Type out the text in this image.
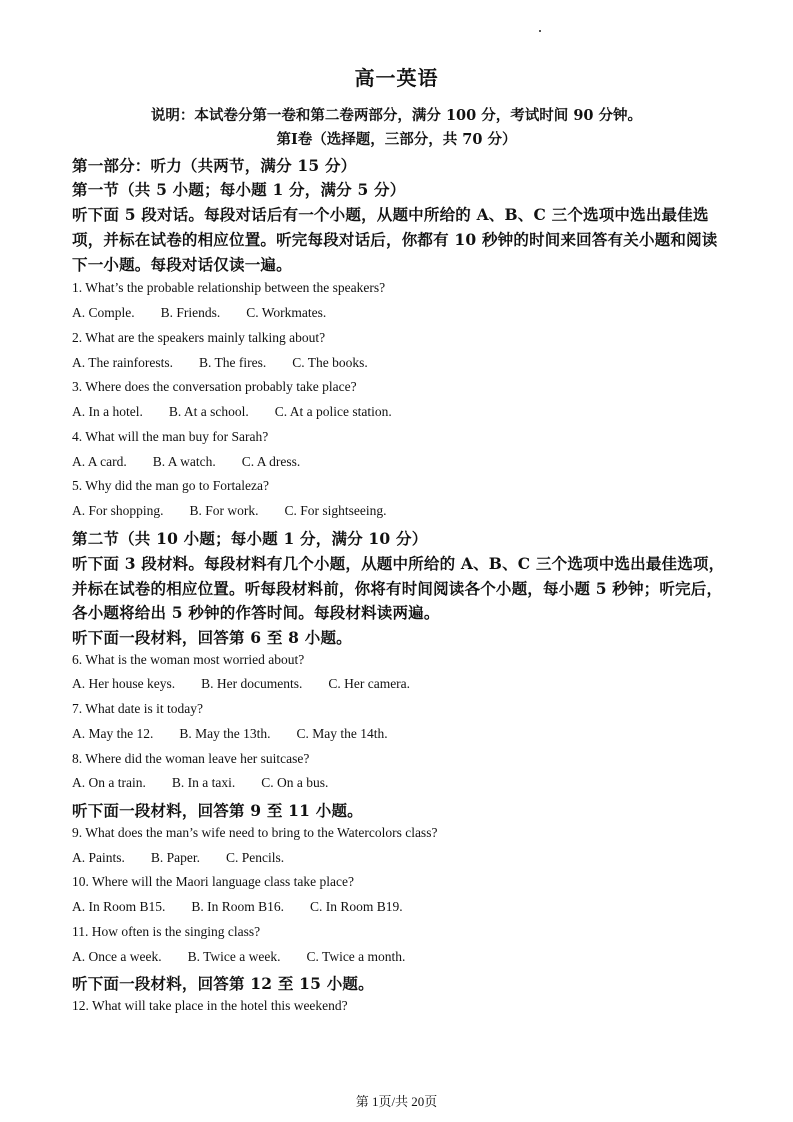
高一英语
说明：本试卷分第一卷和第二卷两部分，满分 100 分，考试时间 90 分钟。
第Ⅰ卷（选择题，三部分，共 70 分）
第一部分：听力（共两节，满分 15 分）
第一节（共 5 小题；每小题 1 分，满分 5 分）
听下面 5 段对话。每段对话后有一个小题，从题中所给的 A、B、C 三个选项中选出最佳选
项，并标在试卷的相应位置。听完每段对话后，你都有 10 秒钟的时间来回答有关小题和阅读
下一小题。每段对话仅读一遍。
1. What’s the probable relationship between the speakers?
A. Comple. B. Friends. C. Workmates.
2. What are the speakers mainly talking about?
A. The rainforests. B. The fires. C. The books.
3. Where does the conversation probably take place?
A. In a hotel. B. At a school. C. At a police station.
4. What will the man buy for Sarah?
A. A card. B. A watch. C. A dress.
5. Why did the man go to Fortaleza?
A. For shopping. B. For work. C. For sightseeing.
第二节（共 10 小题；每小题 1 分，满分 10 分）
听下面 3 段材料。每段材料有几个小题，从题中所给的 A、B、C 三个选项中选出最佳选项，
并标在试卷的相应位置。听每段材料前，你将有时间阅读各个小题，每小题 5 秒钟；听完后，
各小题将给出 5 秒钟的作答时间。每段材料读两遍。
听下面一段材料，回答第 6 至 8 小题。
6. What is the woman most worried about?
A. Her house keys. B. Her documents. C. Her camera.
7. What date is it today?
A. May the 12. B. May the 13th. C. May the 14th.
8. Where did the woman leave her suitcase?
A. On a train. B. In a taxi. C. On a bus.
听下面一段材料，回答第 9 至 11 小题。
9. What does the man’s wife need to bring to the Watercolors class?
A. Paints. B. Paper. C. Pencils.
10. Where will the Maori language class take place?
A. In Room B15. B. In Room B16. C. In Room B19.
11. How often is the singing class?
A. Once a week. B. Twice a week. C. Twice a month.
听下面一段材料，回答第 12 至 15 小题。
12. What will take place in the hotel this weekend?
第 1页/共 20页
